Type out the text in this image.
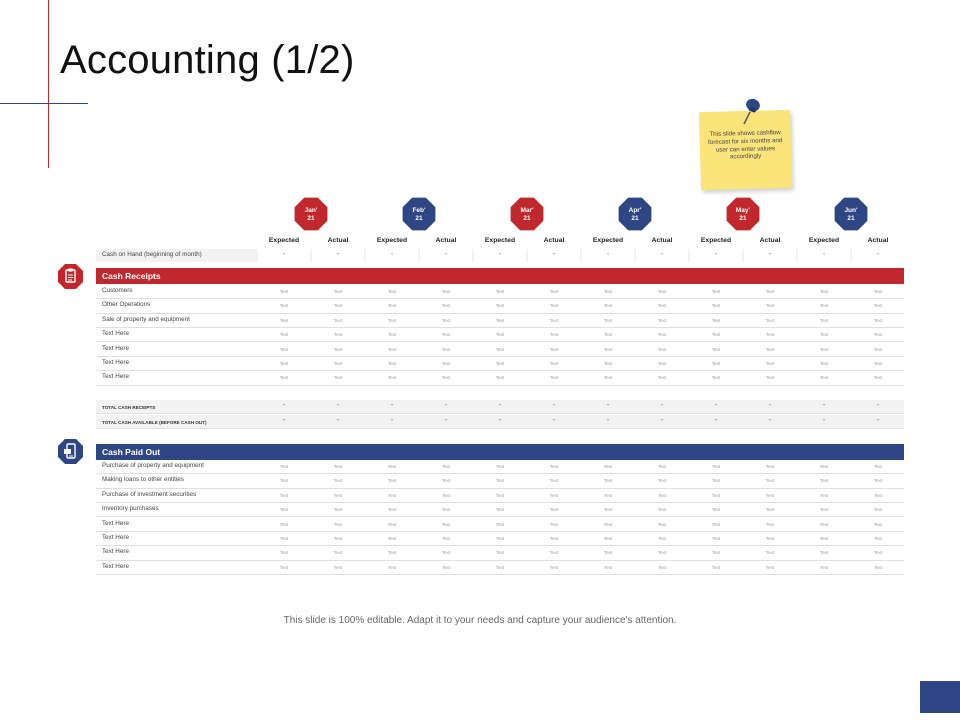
Accounting (1/2)
This slide shows cashflow forecast for six months and user can enter values accordingly
Jan'
21
Feb'
21
Mar'
21
Apr'
21
May'
21
Jun'
21
Expected	Actual	Expected	Actual	Expected	Actual	Expected	Actual	Expected	Actual	Expected	Actual
Cash on Hand (beginning of month)	-	-	-	-	-	-	-	-	-	-	-	-
Customers	Text	Text	Text	Text	Text	Text	Text	Text	Text	Text	Text	Text
Other Operations	Text	Text	Text	Text	Text	Text	Text	Text	Text	Text	Text	Text
Sale of property and equipment	Text	Text	Text	Text	Text	Text	Text	Text	Text	Text	Text	Text
Text Here	Text	Text	Text	Text	Text	Text	Text	Text	Text	Text	Text	Text
Text Here	Text	Text	Text	Text	Text	Text	Text	Text	Text	Text	Text	Text
Text Here	Text	Text	Text	Text	Text	Text	Text	Text	Text	Text	Text	Text
Text Here	Text	Text	Text	Text	Text	Text	Text	Text	Text	Text	Text	Text
TOTAL CASH RECEIPTS	-	-	-	-	-	-	-	-	-	-	-	-
TOTAL CASH AVAILABLE (BEFORE CASH OUT)	-	-	-	-	-	-	-	-	-	-	-	-
Purchase of property and equipment	Text	Text	Text	Text	Text	Text	Text	Text	Text	Text	Text	Text
Making loans to other entities	Text	Text	Text	Text	Text	Text	Text	Text	Text	Text	Text	Text
Purchase of investment securities	Text	Text	Text	Text	Text	Text	Text	Text	Text	Text	Text	Text
Inventory purchases	Text	Text	Text	Text	Text	Text	Text	Text	Text	Text	Text	Text
Text Here	Text	Text	Text	Text	Text	Text	Text	Text	Text	Text	Text	Text
Text Here	Text	Text	Text	Text	Text	Text	Text	Text	Text	Text	Text	Text
Text Here	Text	Text	Text	Text	Text	Text	Text	Text	Text	Text	Text	Text
Text Here	Text	Text	Text	Text	Text	Text	Text	Text	Text	Text	Text	Text
Cash Receipts
Cash Paid Out
This slide is 100% editable. Adapt it to your needs and capture your audience's attention.
